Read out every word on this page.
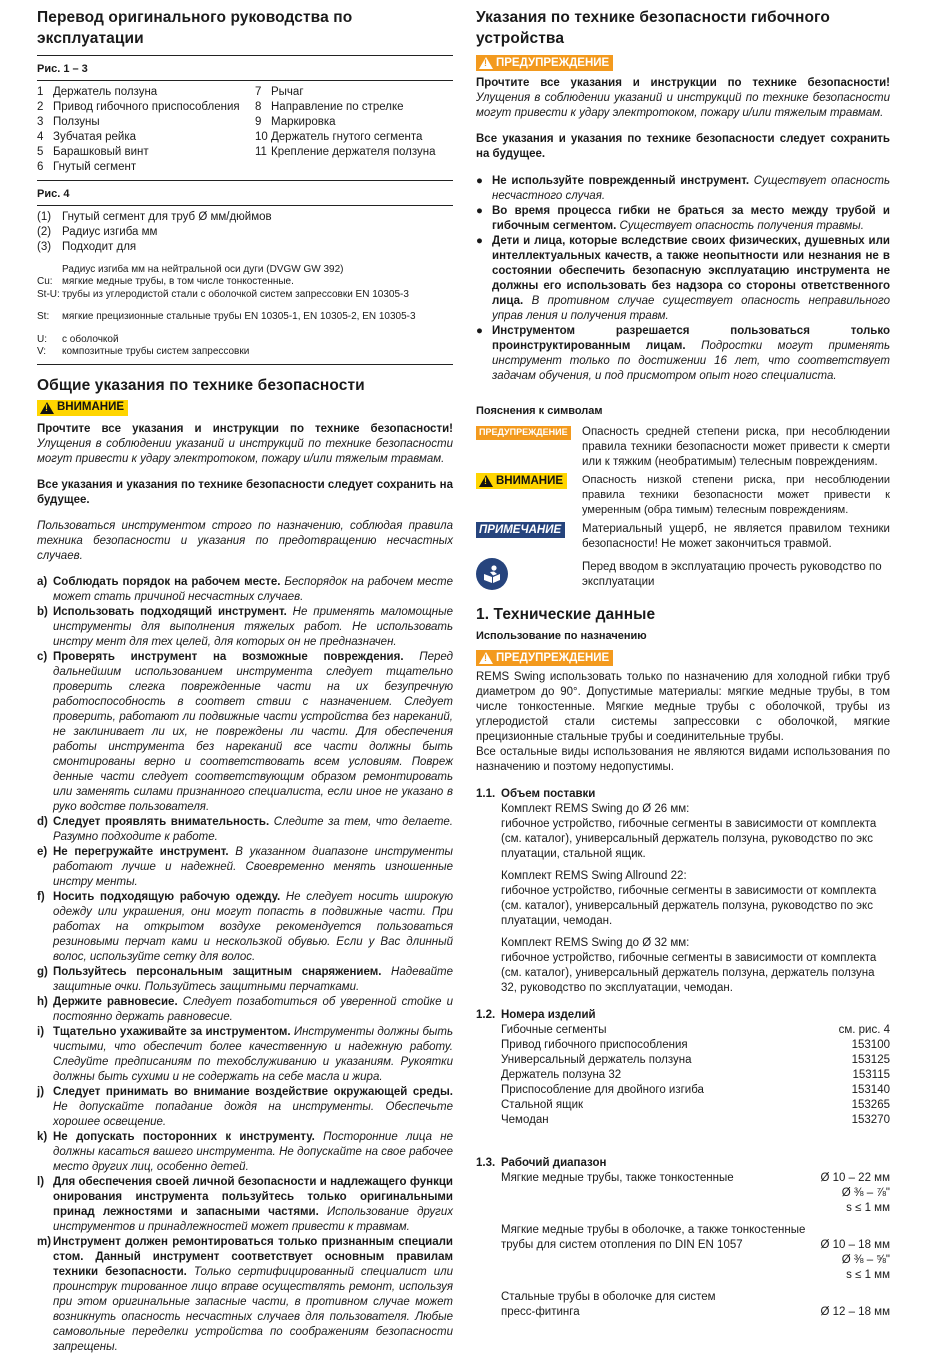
Перевод оригинального руководства по эксплуатации
Рис. 1 – 3
1 Держатель ползуна
2 Привод гибочного приспособления
3 Ползуны
4 Зубчатая рейка
5 Барашковый винт
6 Гнутый сегмент
7 Рычаг
8 Направление по стрелке
9 Маркировка
10 Держатель гнутого сегмента
11 Крепление держателя ползуна
Рис. 4
(1) Гнутый сегмент для труб Ø мм/дюймов
(2) Радиус изгиба мм
(3) Подходит для
Радиус изгиба мм на нейтральной оси дуги (DVGW GW 392)
Cu: мягкие медные трубы, в том числе тонкостенные.
St-U: трубы из углеродистой стали с оболочкой систем запрессовки EN 10305-3
St:	мягкие прецизионные стальные трубы EN 10305-1, EN 10305-2, EN 10305-3
U:	с оболочкой
V:	композитные трубы систем запрессовки
Общие указания по технике безопасности
!
ВНИМАНИЕ

Прочтите все указания и инструкции по технике безопасности! Улущения в соблюдении указаний и инструкций по технике безопасности могут привести к удару электротоком, пожару и/или тяжелым травмам.

Все указания и указания по технике безопасности следует сохранить на будущее.

Пользоваться инструментом строго по назначению, соблюдая правила техника безопасности и указания по предотвращению несчастных случаев.

a) Соблюдать порядок на рабочем месте. Беспорядок на рабочем месте может стать причиной несчастных случаев.
b) Использовать подходящий инструмент. Не применять маломощные инструменты для выполнения тяжелых работ. Не использовать инстру мент для тех целей, для которых он не предназначен.
c) Проверять инструмент на возможные повреждения. Перед дальнейшим использованием инструмента следует тщательно проверить слегка поврежденные части на их безупречную работоспособность в соответ ствии с назначением. Следует проверить, работают ли подвижные части устройства без нареканий, не заклинивает ли их, не повреждены ли части. Для обеспечения работы инструмента без нареканий все части должны быть смонтированы верно и соответствовать всем условиям. Повреж денные части следует соответствующим образом ремонтировать или заменять силами признанного специалиста, если иное не указано в руко водстве пользователя.
d) Следует проявлять внимательность. Следите за тем, что делаете. Разумно подходите к работе.
e) Не перегружайте инструмент. В указанном диапазоне инструменты работают лучше и надежней. Своевременно менять изношенные инстру менты.
f) Носить подходящую рабочую одежду. Не следует носить широкую одежду или украшения, они могут попасть в подвижные части. При работах на открытом воздухе рекомендуется пользоваться резиновыми перчат ками и нескользкой обувью. Если у Вас длинный волос, используйте сетку для волос.
g) Пользуйтесь персональным защитным снаряжением. Надевайте защитные очки. Пользуйтесь защитными перчатками.
h) Держите равновесие. Следует позаботиться об уверенной стойке и постоянно держать равновесие.
i) Тщательно ухаживайте за инструментом. Инструменты должны быть чистыми, что обеспечит более качественную и надежную работу. Следуйте предписаниям по техобслуживанию и указаниям. Рукоятки должны быть сухими и не содержать на себе масла и жира.
j) Следует принимать во внимание воздействие окружающей среды. Не допускайте попадание дождя на инструменты. Обеспечьте хорошее освещение.
k) Не допускать посторонних к инструменту. Посторонние лица не должны касаться вашего инструмента. Не допускайте на свое рабочее место других лиц, особенно детей.
l) Для обеспечения своей личной безопасности и надлежащего функци онирования инструмента пользуйтесь только оригинальными принад лежностями и запасными частями. Использование других инструментов и принадлежностей может привести к травмам.
m) Инструмент должен ремонтироваться только признанным специали стом. Данный инструмент соответствует основным правилам техники безопасности. Только сертифицированный специалист или проинструк тированное лицо вправе осуществлять ремонт, используя при этом оригинальные запасные части, в противном случае может возникнуть опасность несчастных случаев для пользователя. Любые самовольные переделки устройства по соображениям безопасности запрещены.
Указания по технике безопасности гибочного устройства
!
ПРЕДУПРЕЖДЕНИЕ

Прочтите все указания и инструкции по технике безопасности! Улущения в соблюдении указаний и инструкций по технике безопасности могут привести к удару электротоком, пожару и/или тяжелым травмам.

Все указания и указания по технике безопасности следует сохранить на будущее.

● Не используйте поврежденный инструмент. Существует опасность несчастного случая.
● Во время процесса гибки не браться за место между трубой и гибочным сегментом. Существует опасность получения травмы.
● Дети и лица, которые вследствие своих физических, душевных или интеллектуальных качеств, а также неопытности или незнания не в состоянии обеспечить безопасную эксплуатацию инструмента не должны его использовать без надзора со стороны ответственного лица. В противном случае существует опасность неправильного управ ления и получения травм.
● Инструментом разрешается пользоваться только проинструктированным лицам. Подростки могут применять инструмент только по достижении 16 лет, что соответствует задачам обучения, и под присмотром опыт ного специалиста.
Пояснения к символам
ПРЕДУПРЕЖДЕНИЕ	Опасность средней степени риска, при несоблюдении правила техники безопасности может привести к смерти или к тяжким (необратимым) телесным повреждениям.
!
ВНИМАНИЕ Опасность низкой степени риска, при несоблюдении правила техники безопасности может привести к умеренным (обра тимым) телесным повреждениям.
ПРИМЕЧАНИЕ	Материальный ущерб, не является правилом техники безопасности! Не может закончиться травмой.
Перед вводом в эксплуатацию прочесть руководство по эксплуатации
1. Технические данные
Использование по назначению
!
ПРЕДУПРЕЖДЕНИЕ

REMS Swing использовать только по назначению для холодной гибки труб диаметром до 90°. Допустимые материалы: мягкие медные трубы, в том числе тонкостенные. Мягкие медные трубы с оболочкой, трубы из углеродистой стали системы запрессовки с оболочкой, мягкие прецизионные стальные трубы и соединительные трубы.

Все остальные виды использования не являются видами использования по назначению и поэтому недопустимы.

1.1. Объем поставки
Комплект REMS Swing до Ø 26 мм:
гибочное устройство, гибочные сегменты в зависимости от комплекта (см. каталог), универсальный держатель ползуна, руководство по экс плуатации, стальной ящик.
Комплект REMS Swing Allround 22:
гибочное устройство, гибочные сегменты в зависимости от комплекта (см. каталог), универсальный держатель ползуна, руководство по экс плуатации, чемодан.
Комплект REMS Swing до Ø 32 мм:
гибочное устройство, гибочные сегменты в зависимости от комплекта (см. каталог), универсальный держатель ползуна, держатель ползуна 32, руководство по эксплуатации, чемодан.
1.2. Номера изделий
Гибочные сегменты	см. рис. 4
Привод гибочного приспособления	153100
Универсальный держатель ползуна	153125
Держатель ползуна 32	153115
Приспособление для двойного изгиба	153140
Стальной ящик	153265
Чемодан	153270
1.3. Рабочий диапазон
Мягкие медные трубы, также тонкостенные	Ø 10 – 22 мм
Ø ⅜ – ⅞"
s ≤ 1 мм
Мягкие медные трубы в оболочке, а также тонкостенные
трубы для систем отопления по DIN EN 1057	Ø 10 – 18 мм
Ø ⅜ – ⅝"
s ≤ 1 мм
Стальные трубы в оболочке для систем
пресс-фитинга	Ø 12 – 18 мм
